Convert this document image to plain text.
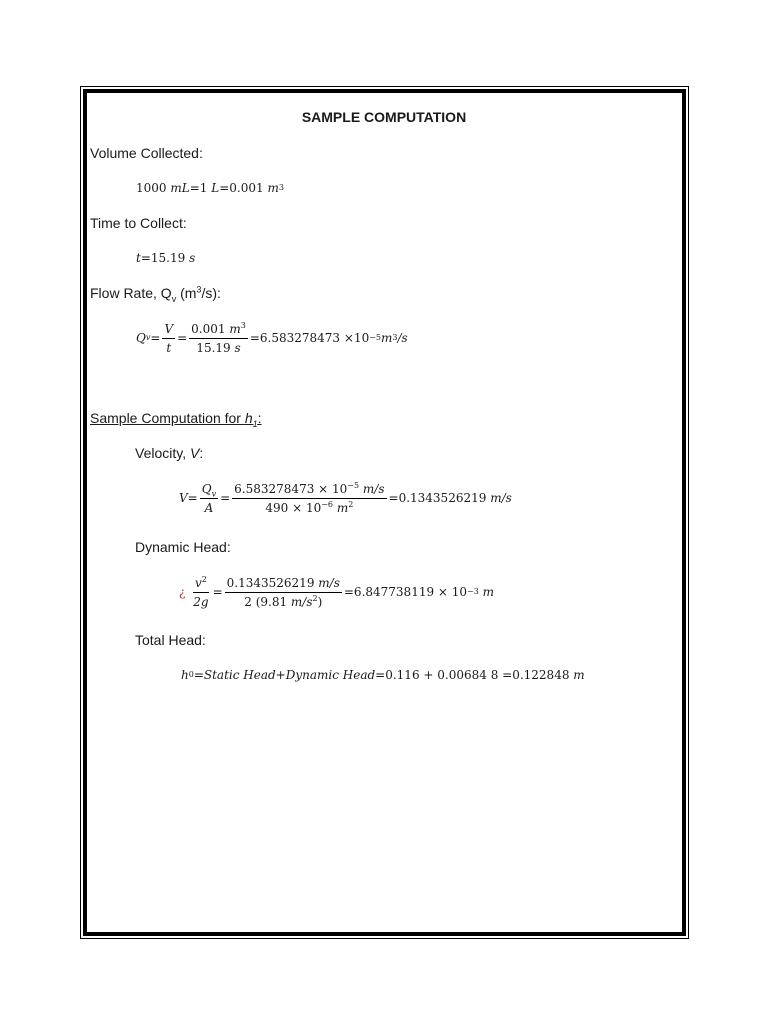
SAMPLE COMPUTATION
Volume Collected:
1000
mL =1
L =0.001
m 3
Time to Collect:
t =15.19
s
Flow Rate, $Q_v$ $(m^3/s)$:
Q $v = \frac{V}{t} = \frac{0.001 m^3}{15.19 s} =6.583278473 \times 10 -5$ m 3 /s
Sample Computation for $h_1$:
Velocity, V:
$V = \frac{Q_v}{A} = \frac{6.583278473 \times 10^{-5} m/s}{490 \times 10^{-6} m^2} =0.1343526219$
m/s
Dynamic Head:
¿
$\frac{v^2}{2g} = \frac{0.1343526219 m/s}{2 (9.81 m/s^2)} =6.847738119 \times 10 -3$
m
Total Head:
h 0 =Static Head+Dynamic Head =0.116 + 0.00684 8 =0.122848
m
